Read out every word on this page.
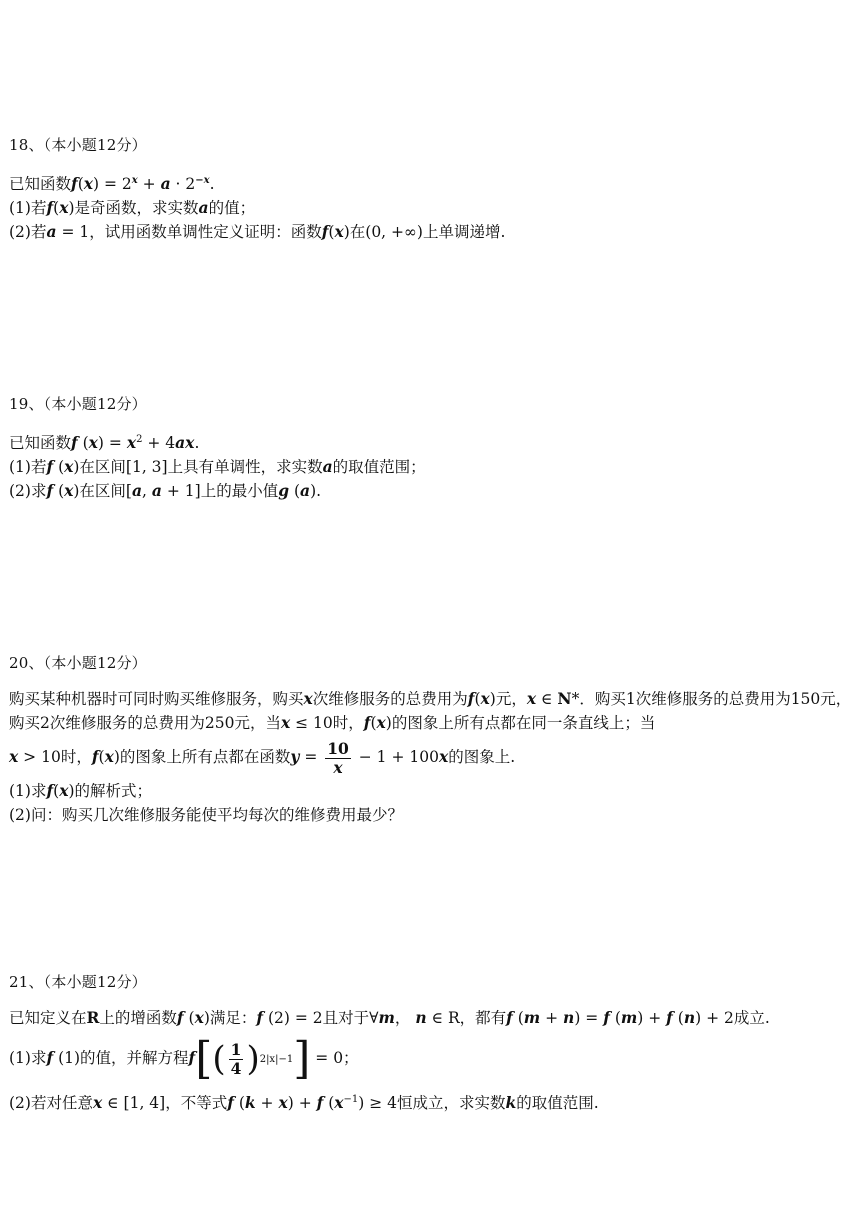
18、（本小题12分）
已知函数$f(x) = 2^x + a \cdot 2^{-x}$.
(1)若f(x)是奇函数，求实数a的值；
(2)若a = 1，试用函数单调性定义证明：函数f(x)在(0, +∞)上单调递增.
19、（本小题12分）
已知函数f $(x) = x^2 + 4ax$.
(1)若f (x)在区间[1, 3]上具有单调性，求实数a的取值范围；
(2)求f (x)在区间[a, a + 1]上的最小值g (a).
20、（本小题12分）
购买某种机器时可同时购买维修服务，购买x次维修服务的总费用为f(x)元，x ∈ N*．购买1次维修服务的总费用为150元，购买2次维修服务的总费用为250元，当x ≤ 10时，f(x)的图象上所有点都在同一条直线上；当
x > 10时，f(x)的图象上所有点都在函数$y = \frac{10}{x} - 1 + 100x$的图象上.
(1)求f(x)的解析式；
(2)问：购买几次维修服务能使平均每次的维修费用最少？
21、（本小题12分）
已知定义在R上的增函数f (x)满足：f (2) = 2且对于∀m， n ∈ R，都有f (m + n) = f (m) + f (n) + 2成立.
(1)求f (1)的值，并解方程f [ ( $\frac{1}{4}$ ) 2|x|−1 ] = 0；
(2)若对任意x ∈ [1, 4]，不等式f (k + x) + f $(x^{-1}) \ge 4$恒成立，求实数k的取值范围.
